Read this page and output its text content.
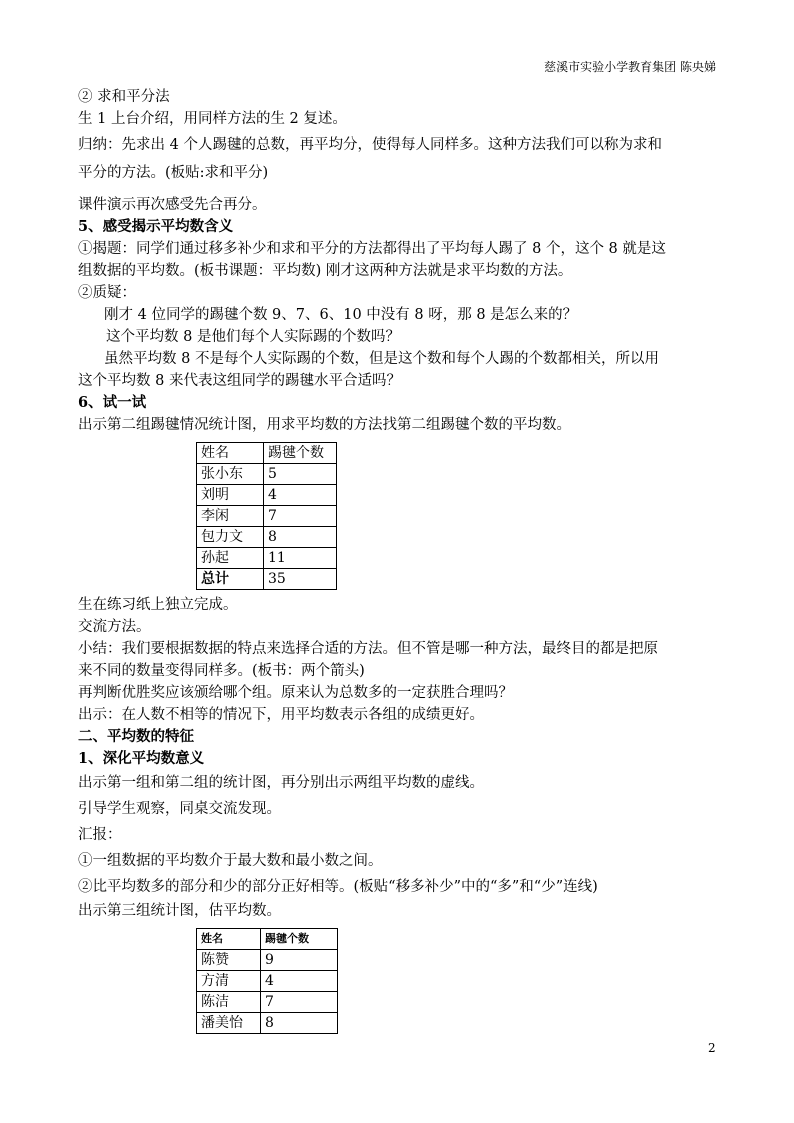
慈溪市实验小学教育集团 陈央娣

② 求和平分法

生 1 上台介绍，用同样方法的生 2 复述。

归纳：先求出 4 个人踢毽的总数，再平均分，使得每人同样多。这种方法我们可以称为求和

平分的方法。(板贴:求和平分)

课件演示再次感受先合再分。

5、感受揭示平均数含义

①揭题：同学们通过移多补少和求和平分的方法都得出了平均每人踢了 8 个，这个 8 就是这

组数据的平均数。(板书课题：平均数) 刚才这两种方法就是求平均数的方法。

②质疑：

刚才 4 位同学的踢毽个数 9、7、6、10 中没有 8 呀，那 8 是怎么来的？

这个平均数 8 是他们每个人实际踢的个数吗？

虽然平均数 8 不是每个人实际踢的个数，但是这个数和每个人踢的个数都相关，所以用

这个平均数 8 来代表这组同学的踢毽水平合适吗？

6、试一试

出示第二组踢毽情况统计图，用求平均数的方法找第二组踢毽个数的平均数。

姓名	踢毽个数
张小东	5
刘明	4
李闲	7
包力文	8
孙起	11
总计	35

生在练习纸上独立完成。

交流方法。

小结：我们要根据数据的特点来选择合适的方法。但不管是哪一种方法，最终目的都是把原

来不同的数量变得同样多。(板书：两个箭头)

再判断优胜奖应该颁给哪个组。原来认为总数多的一定获胜合理吗？

出示：在人数不相等的情况下，用平均数表示各组的成绩更好。

二、平均数的特征

1、深化平均数意义

出示第一组和第二组的统计图，再分别出示两组平均数的虚线。

引导学生观察，同桌交流发现。

汇报：

①一组数据的平均数介于最大数和最小数之间。

②比平均数多的部分和少的部分正好相等。(板贴“移多补少”中的“多”和“少”连线)

出示第三组统计图，估平均数。

姓名	踢毽个数
陈赞	9
方清	4
陈洁	7
潘美怡	8
2
